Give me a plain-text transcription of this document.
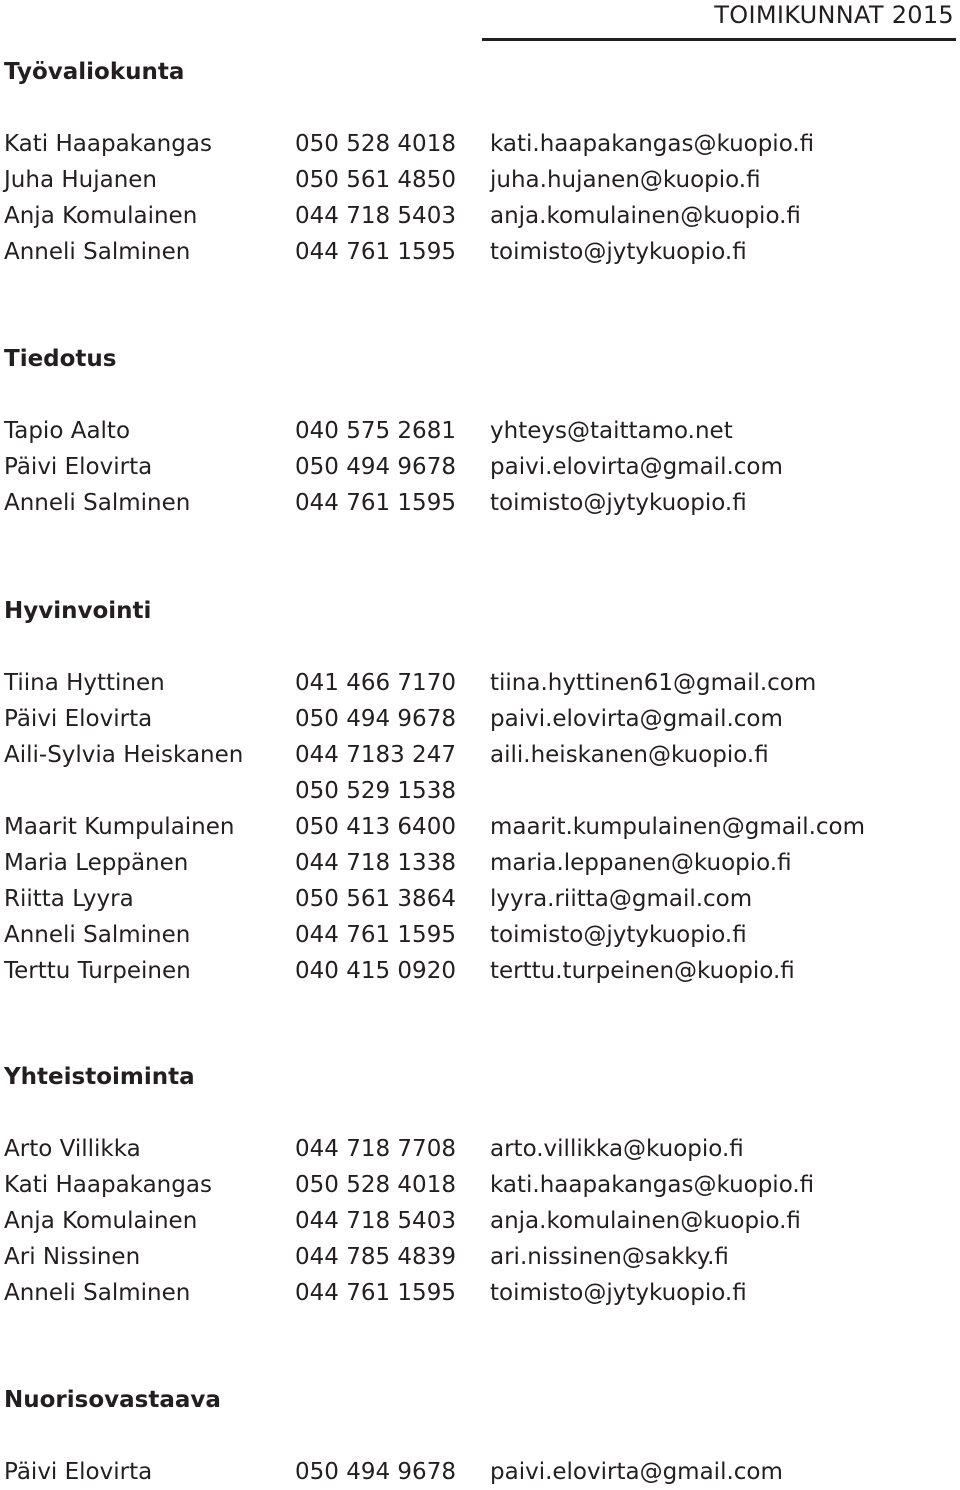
TOIMIKUNNAT 2015
Työvaliokunta
Kati Haapakangas	050 528 4018 kati.haapakangas@kuopio.fi
Juha Hujanen	050 561 4850 juha.hujanen@kuopio.fi
Anja Komulainen	044 718 5403 anja.komulainen@kuopio.fi
Anneli Salminen	044 761 1595 toimisto@jytykuopio.fi
Tiedotus
Tapio Aalto	040 575 2681 yhteys@taittamo.net
Päivi Elovirta	050 494 9678 paivi.elovirta@gmail.com
Anneli Salminen	044 761 1595 toimisto@jytykuopio.fi
Hyvinvointi
Tiina Hyttinen	041 466 7170 tiina.hyttinen61@gmail.com
Päivi Elovirta	050 494 9678 paivi.elovirta@gmail.com
Aili-Sylvia Heiskanen 044 7183 247 aili.heiskanen@kuopio.fi
050 529 1538
Maarit Kumpulainen	050 413 6400 maarit.kumpulainen@gmail.com
Maria Leppänen	044 718 1338 maria.leppanen@kuopio.fi
Riitta Lyyra	050 561 3864 lyyra.riitta@gmail.com
Anneli Salminen	044 761 1595 toimisto@jytykuopio.fi
Terttu Turpeinen	040 415 0920 terttu.turpeinen@kuopio.fi
Yhteistoiminta
Arto Villikka	044 718 7708 arto.villikka@kuopio.fi
Kati Haapakangas	050 528 4018 kati.haapakangas@kuopio.fi
Anja Komulainen	044 718 5403 anja.komulainen@kuopio.fi
Ari Nissinen	044 785 4839 ari.nissinen@sakky.fi
Anneli Salminen	044 761 1595 toimisto@jytykuopio.fi
Nuorisovastaava
Päivi Elovirta	050 494 9678 paivi.elovirta@gmail.com
